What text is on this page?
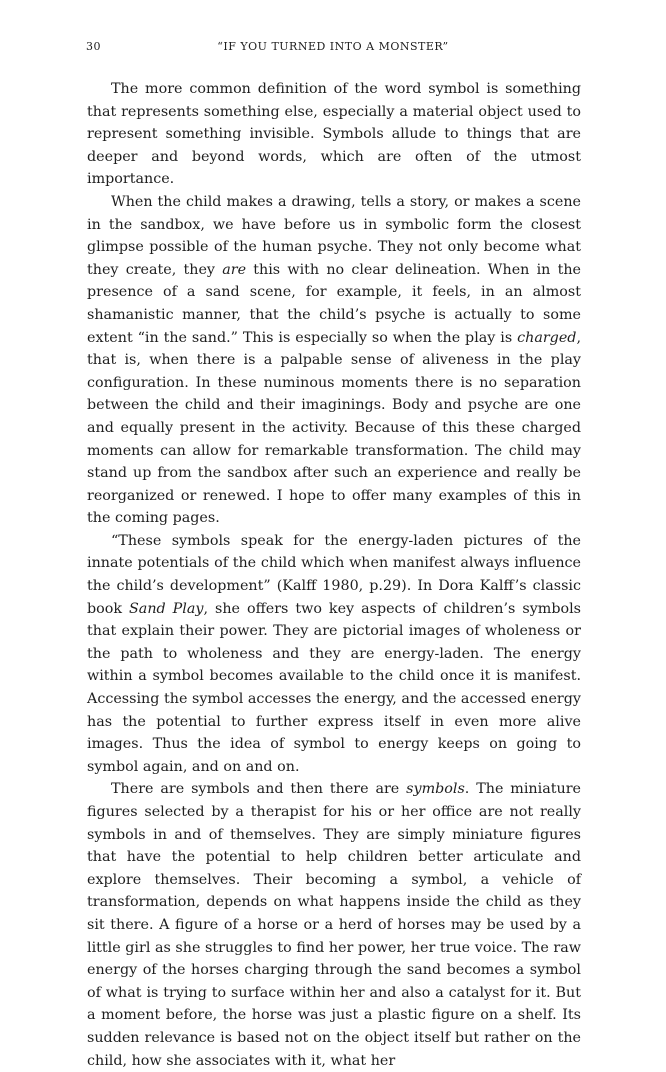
30	“IF YOU TURNED INTO A MONSTER”

The more common definition of the word symbol is something that represents something else, especially a material object used to represent something invisible. Symbols allude to things that are deeper and beyond words, which are often of the utmost importance.

When the child makes a drawing, tells a story, or makes a scene in the sandbox, we have before us in symbolic form the closest glimpse possible of the human psyche. They not only become what they create, they are this with no clear delineation. When in the presence of a sand scene, for example, it feels, in an almost shamanistic manner, that the child’s psyche is actually to some extent “in the sand.” This is especially so when the play is charged, that is, when there is a palpable sense of aliveness in the play configuration. In these numinous moments there is no separation between the child and their imaginings. Body and psyche are one and equally present in the activity. Because of this these charged moments can allow for remarkable transformation. The child may stand up from the sandbox after such an experience and really be reorganized or renewed. I hope to offer many examples of this in the coming pages.

“These symbols speak for the energy-laden pictures of the innate potentials of the child which when manifest always influence the child’s development” (Kalff 1980, p.29). In Dora Kalff’s classic book Sand Play, she offers two key aspects of children’s symbols that explain their power. They are pictorial images of wholeness or the path to wholeness and they are energy-laden. The energy within a symbol becomes available to the child once it is manifest. Accessing the symbol accesses the energy, and the accessed energy has the potential to further express itself in even more alive images. Thus the idea of symbol to energy keeps on going to symbol again, and on and on.

There are symbols and then there are symbols. The miniature figures selected by a therapist for his or her office are not really symbols in and of themselves. They are simply miniature figures that have the potential to help children better articulate and explore themselves. Their becoming a symbol, a vehicle of transformation, depends on what happens inside the child as they sit there. A figure of a horse or a herd of horses may be used by a little girl as she struggles to find her power, her true voice. The raw energy of the horses charging through the sand becomes a symbol of what is trying to surface within her and also a catalyst for it. But a moment before, the horse was just a plastic figure on a shelf. Its sudden relevance is based not on the object itself but rather on the child, how she associates with it, what her
